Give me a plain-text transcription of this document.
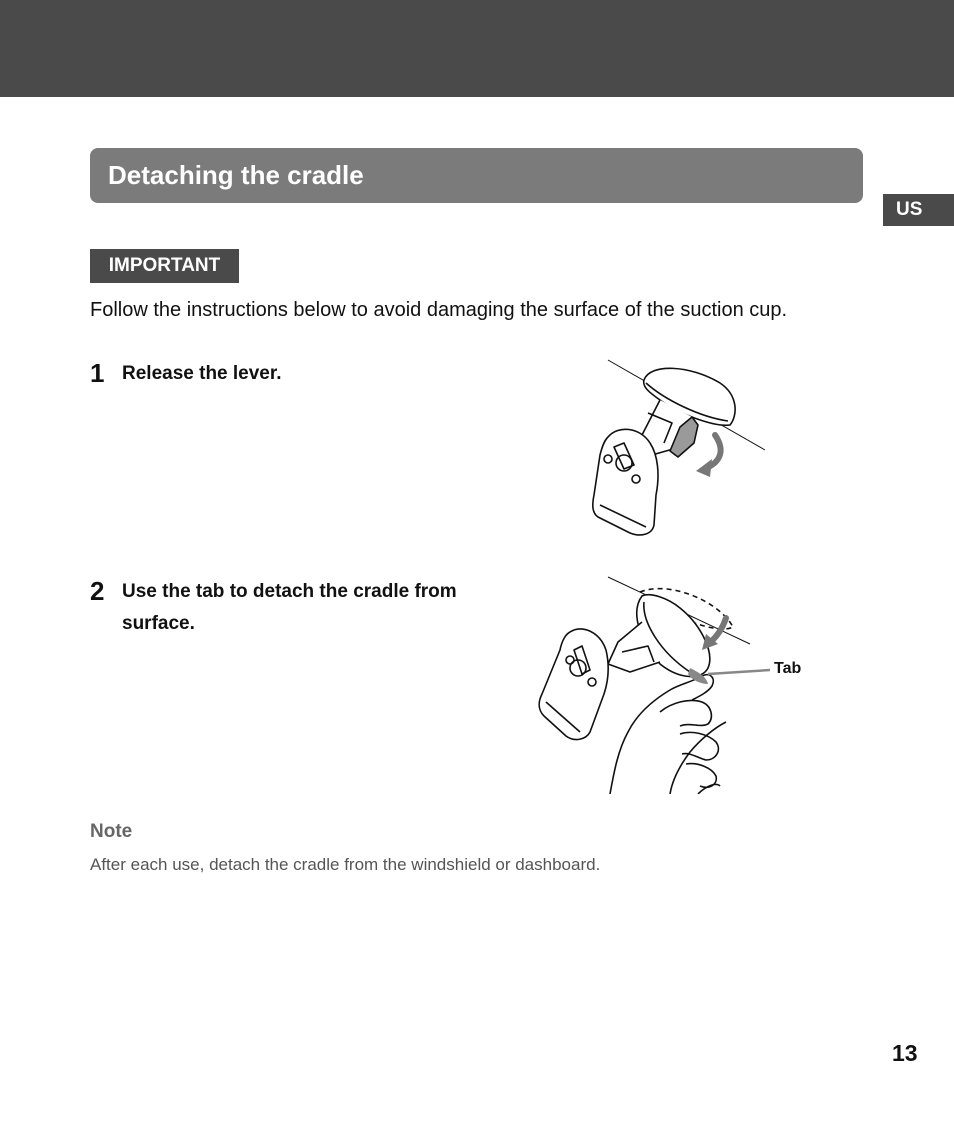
Detaching the cradle
US
IMPORTANT
Follow the instructions below to avoid damaging the surface of the suction cup.
1 Release the lever.
2 Use the tab to detach the cradle from surface.
Tab
Note
After each use, detach the cradle from the windshield or dashboard.
13
